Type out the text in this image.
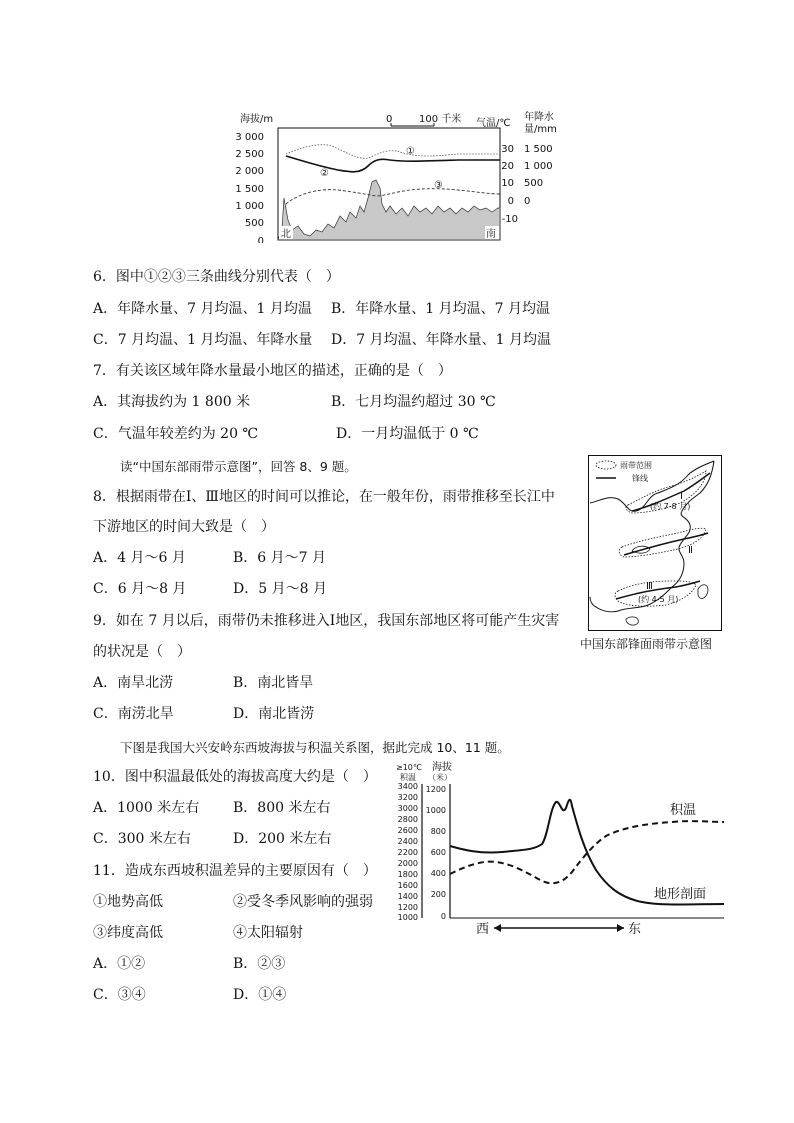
海拔/m
3 000
2 500
2 000
1 500
1 000
500
0
0	100 千米 气温/℃
年降水
量/mm
30
20
10
0
-10
1 500
1 000
500
0
①
②
③
北	南
6．图中①②③三条曲线分别代表（　）
A．年降水量、7 月均温、1 月均温 B．年降水量、1 月均温、7 月均温
C．7 月均温、1 月均温、年降水量 D．7 月均温、年降水量、1 月均温
7．有关该区域年降水量最小地区的描述，正确的是（　）
A．其海拔约为 1 800 米	B．七月均温约超过 30 ℃
C．气温年较差约为 20 ℃	D．一月均温低于 0 ℃
读“中国东部雨带示意图”，回答 8、9 题。
8．根据雨带在Ⅰ、Ⅲ地区的时间可以推论，在一般年份，雨带推移至长江中
下游地区的时间大致是（　）
A．4 月～6 月	B．6 月～7 月
C．6 月～8 月	D．5 月～8 月
9．如在 7 月以后，雨带仍未推移进入Ⅰ地区，我国东部地区将可能产生灾害
的状况是（　）
A．南旱北涝	B．南北皆旱
C．南涝北旱	D．南北皆涝
雨带范围
锋线
Ⅰ
(约 7-8 月)
Ⅱ
Ⅲ
(约 4-5 月)
中国东部锋面雨带示意图
下图是我国大兴安岭东西坡海拔与积温关系图，据此完成 10、11 题。
10．图中积温最低处的海拔高度大约是（　）
A．1000 米左右 B．800 米左右
C．300 米左右	D．200 米左右
11．造成东西坡积温差异的主要原因有（　）
①地势高低	②受冬季风影响的强弱
③纬度高低	④太阳辐射
A．①②	B．②③
C．③④	D．①④
≥10℃
积温
海拔
（米）
3400
3200
3000
2800
2600
2400
2200
2000
1800
1600
1400
1200
1000
1200
1000
800
600
400
200
0
积温
地形剖面
西	东
